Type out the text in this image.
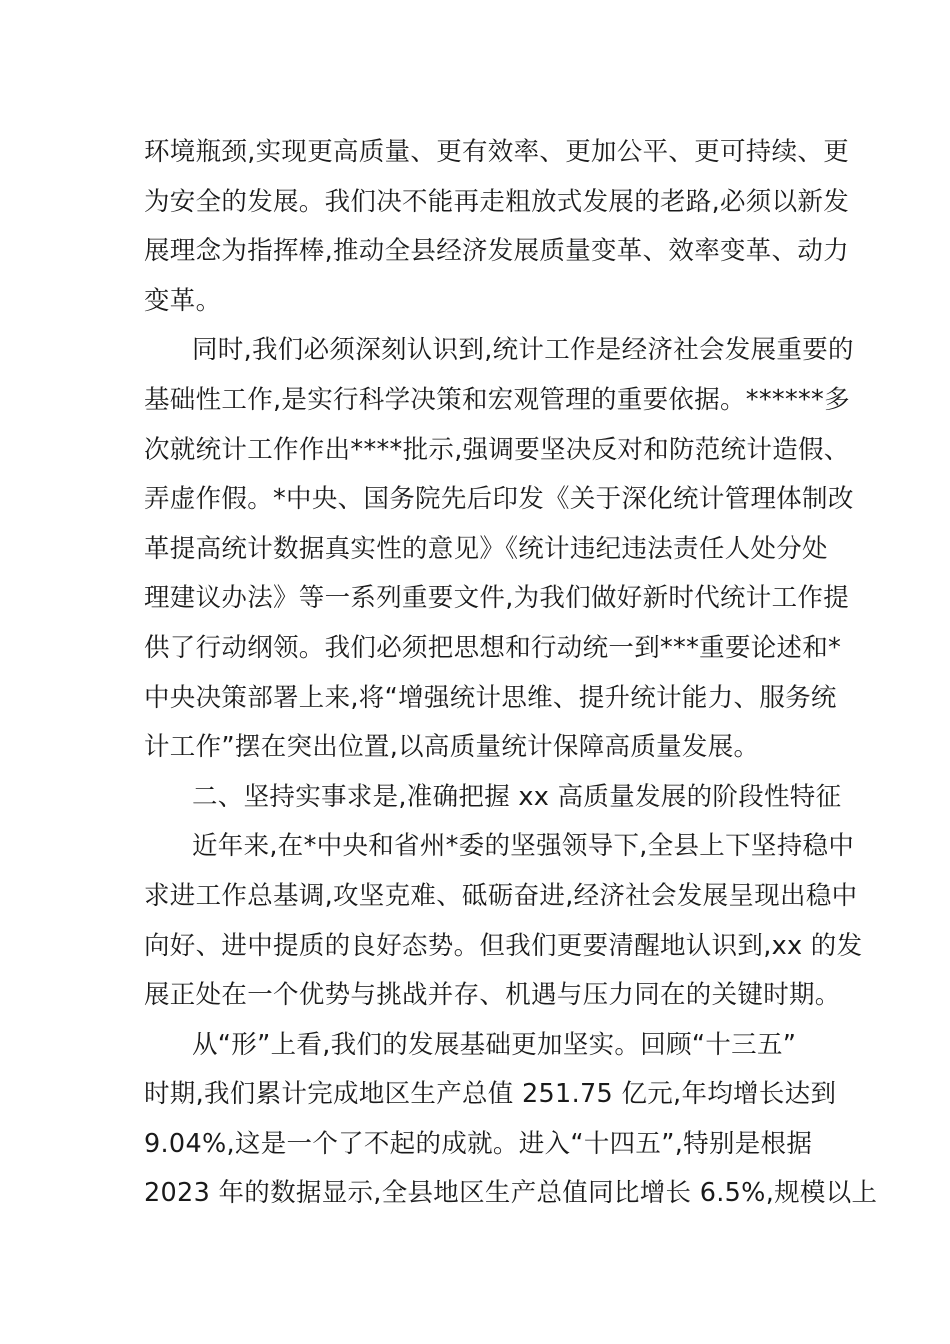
环境瓶颈,实现更高质量、更有效率、更加公平、更可持续、更
为安全的发展。我们决不能再走粗放式发展的老路,必须以新发
展理念为指挥棒,推动全县经济发展质量变革、效率变革、动力
变革。
同时,我们必须深刻认识到,统计工作是经济社会发展重要的
基础性工作,是实行科学决策和宏观管理的重要依据。******多
次就统计工作作出****批示,强调要坚决反对和防范统计造假、
弄虚作假。*中央、国务院先后印发《关于深化统计管理体制改
革提高统计数据真实性的意见》《统计违纪违法责任人处分处
理建议办法》等一系列重要文件,为我们做好新时代统计工作提
供了行动纲领。我们必须把思想和行动统一到***重要论述和*
中央决策部署上来,将“增强统计思维、提升统计能力、服务统
计工作”摆在突出位置,以高质量统计保障高质量发展。
二、坚持实事求是,准确把握 xx 高质量发展的阶段性特征
近年来,在*中央和省州*委的坚强领导下,全县上下坚持稳中
求进工作总基调,攻坚克难、砥砺奋进,经济社会发展呈现出稳中
向好、进中提质的良好态势。但我们更要清醒地认识到,xx 的发
展正处在一个优势与挑战并存、机遇与压力同在的关键时期。
从“形”上看,我们的发展基础更加坚实。回顾“十三五”
时期,我们累计完成地区生产总值 251.75 亿元,年均增长达到
9.04%,这是一个了不起的成就。进入“十四五”,特别是根据
2023 年的数据显示,全县地区生产总值同比增长 6.5%,规模以上
